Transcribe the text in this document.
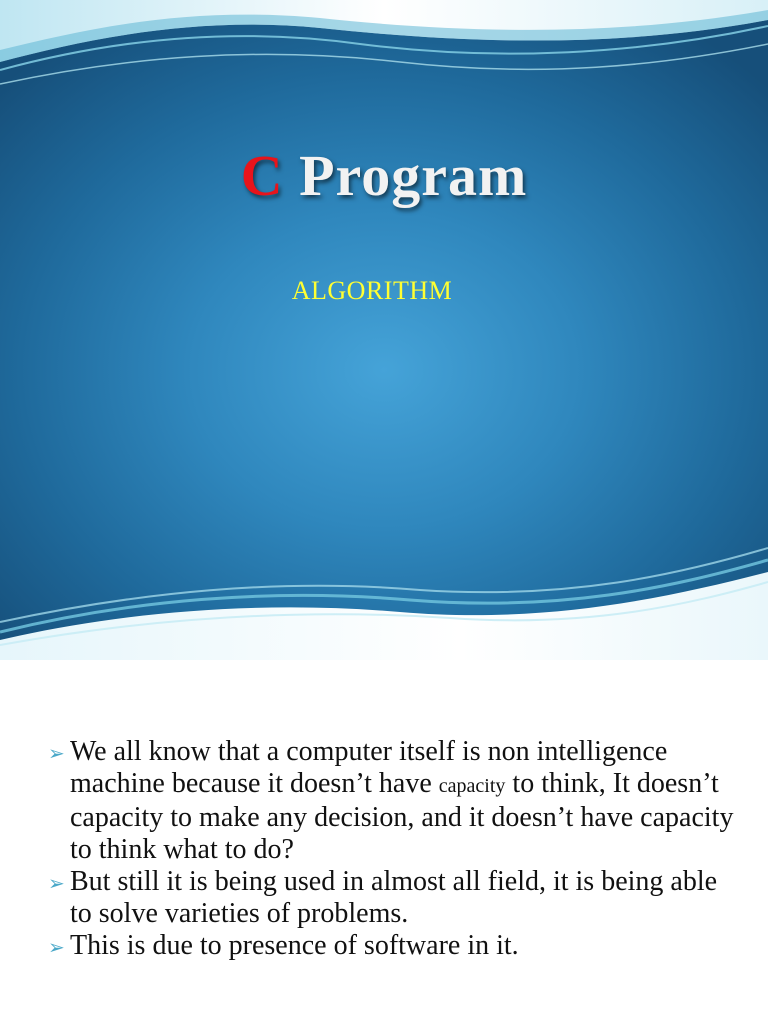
C Program
ALGORITHM

➢ We all know that a computer itself is non intelligence machine because it doesn’t have capacity to think, It doesn’t capacity to make any decision, and it doesn’t have capacity to think what to do?

➢ But still it is being used in almost all field, it is being able to solve varieties of problems.

➢ This is due to presence of software in it.
